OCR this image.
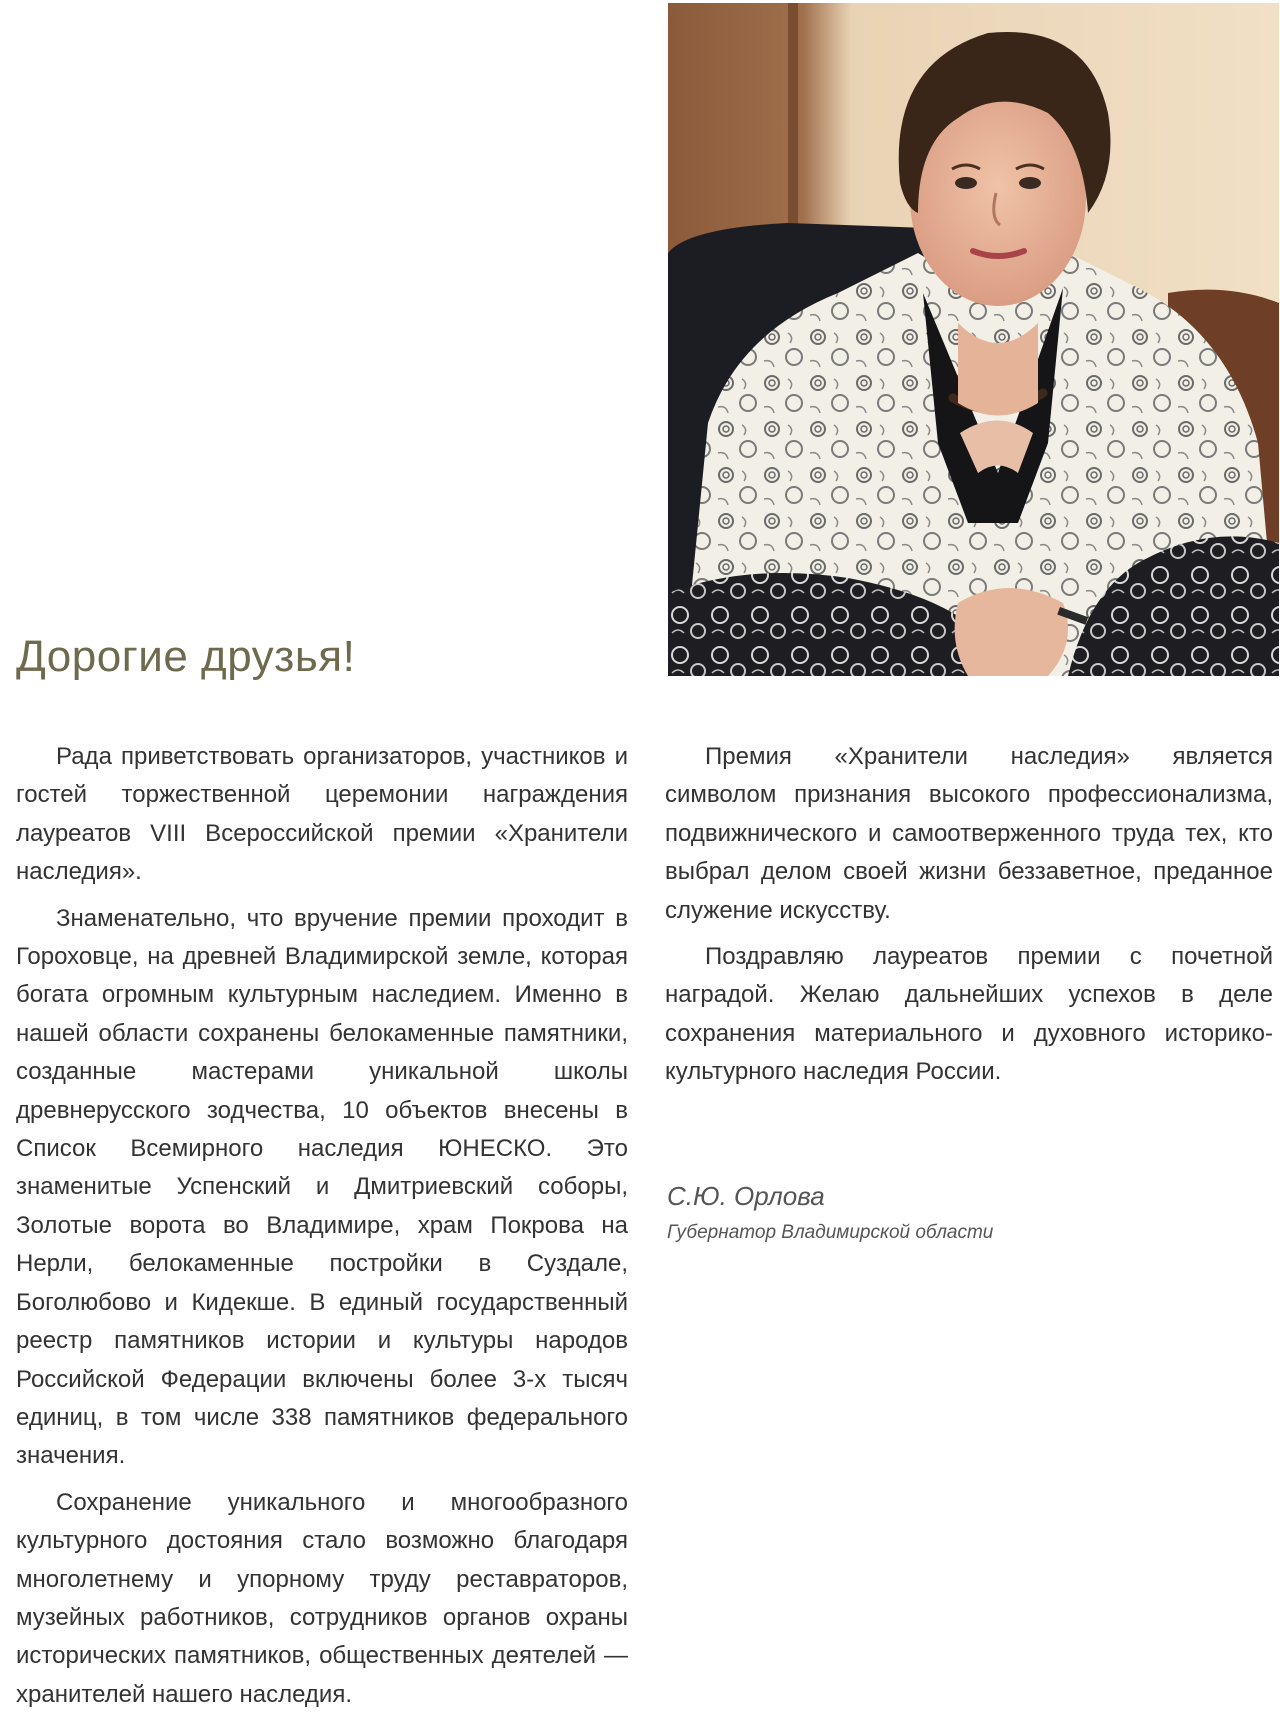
Дорогие друзья!

Рада приветствовать организаторов, участников и гостей торжественной церемонии награждения лауреатов VIII Всероссийской премии «Хранители наследия».

Знаменательно, что вручение премии проходит в Гороховце, на древней Владимирской земле, которая богата огромным культурным наследием. Именно в нашей области сохранены белокаменные памятники, созданные мастерами уникальной школы древнерусского зодчества, 10 объектов внесены в Список Всемирного наследия ЮНЕСКО. Это знаменитые Успенский и Дмитриевский соборы, Золотые ворота во Владимире, храм Покрова на Нерли, белокаменные постройки в Суздале, Боголюбово и Кидекше. В единый государственный реестр памятников истории и культуры народов Российской Федерации включены более 3-х тысяч единиц, в том числе 338 памятников федерального значения.

Сохранение уникального и многообразного культурного достояния стало возможно благодаря многолетнему и упорному труду реставраторов, музейных работников, сотрудников органов охраны исторических памятников, общественных деятелей — хранителей нашего наследия.

Премия «Хранители наследия» является символом признания высокого профессионализма, подвижнического и самоотверженного труда тех, кто выбрал делом своей жизни беззаветное, преданное служение искусству.

Поздравляю лауреатов премии с почетной наградой. Желаю дальнейших успехов в деле сохранения материального и духовного историко-культурного наследия России.

С.Ю. Орлова

Губернатор Владимирской области
